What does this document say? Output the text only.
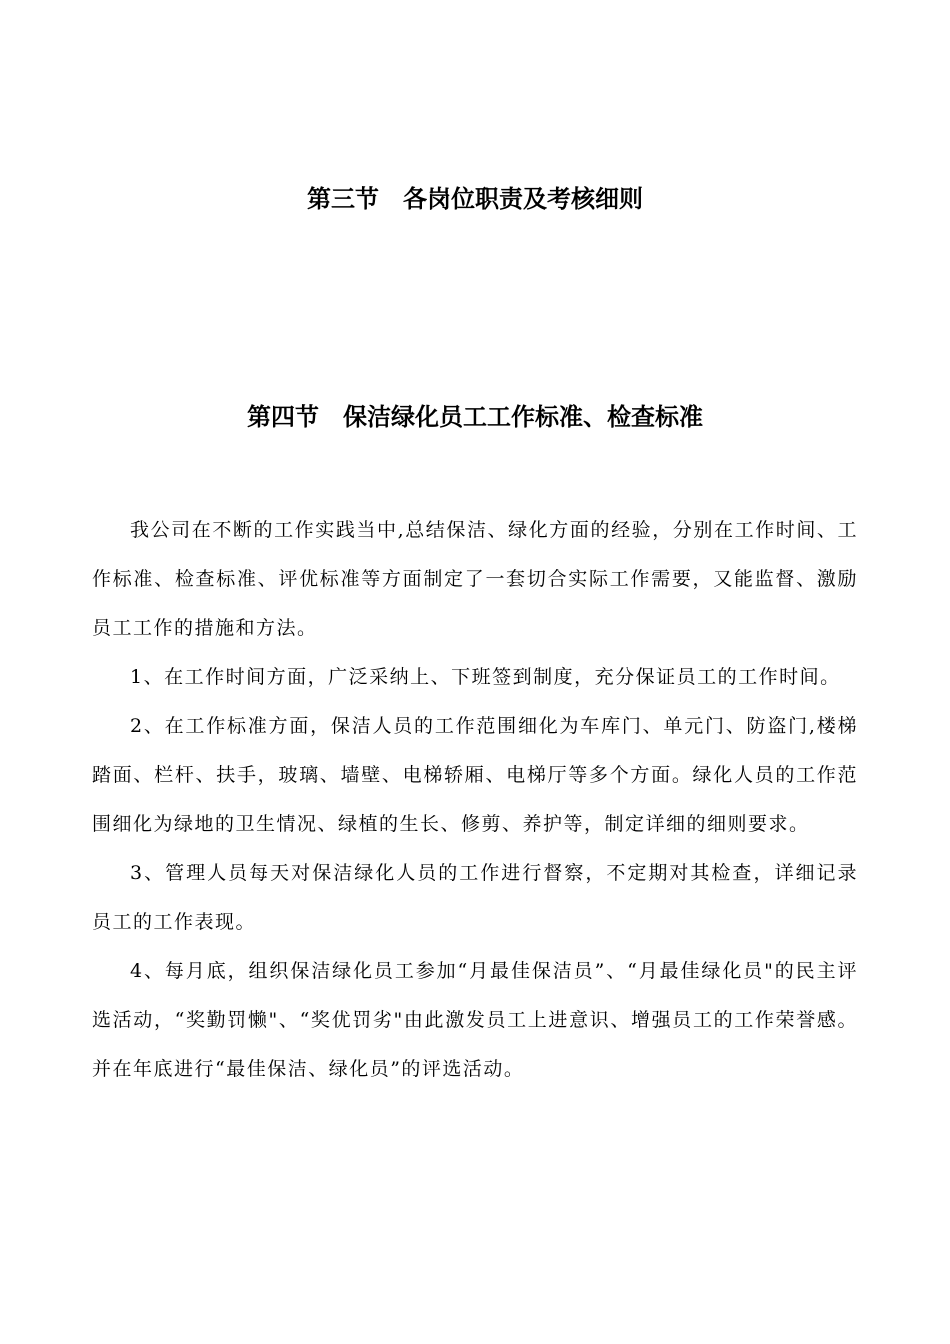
第三节　各岗位职责及考核细则
第四节　保洁绿化员工工作标准、检查标准

我公司在不断的工作实践当中,总结保洁、绿化方面的经验，分别在工作时间、工作标准、检查标准、评优标准等方面制定了一套切合实际工作需要，又能监督、激励员工工作的措施和方法。

1、在工作时间方面，广泛采纳上、下班签到制度，充分保证员工的工作时间。

2、在工作标准方面，保洁人员的工作范围细化为车库门、单元门、防盗门,楼梯踏面、栏杆、扶手，玻璃、墙壁、电梯轿厢、电梯厅等多个方面。绿化人员的工作范围细化为绿地的卫生情况、绿植的生长、修剪、养护等，制定详细的细则要求。

3、管理人员每天对保洁绿化人员的工作进行督察，不定期对其检查，详细记录员工的工作表现。

4、每月底，组织保洁绿化员工参加“月最佳保洁员”、“月最佳绿化员"的民主评选活动，“奖勤罚懒"、“奖优罚劣"由此激发员工上进意识、增强员工的工作荣誉感。并在年底进行“最佳保洁、绿化员”的评选活动。
